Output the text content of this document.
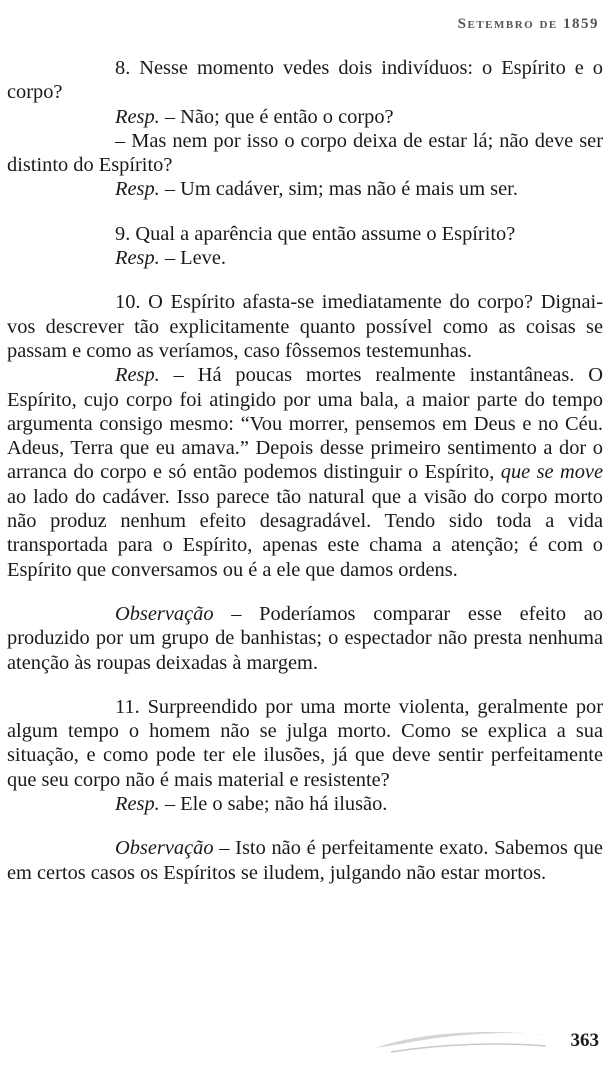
Setembro de 1859

8. Nesse momento vedes dois indivíduos: o Espírito e o corpo?

Resp. – Não; que é então o corpo?

– Mas nem por isso o corpo deixa de estar lá; não deve ser distinto do Espírito?

Resp. – Um cadáver, sim; mas não é mais um ser.

9. Qual a aparência que então assume o Espírito?

Resp. – Leve.

10. O Espírito afasta-se imediatamente do corpo? Dignai-vos descrever tão explicitamente quanto possível como as coisas se passam e como as veríamos, caso fôssemos testemunhas.

Resp. – Há poucas mortes realmente instantâneas. O Espírito, cujo corpo foi atingido por uma bala, a maior parte do tempo argumenta consigo mesmo: “Vou morrer, pensemos em Deus e no Céu. Adeus, Terra que eu amava.” Depois desse primeiro sentimento a dor o arranca do corpo e só então podemos distinguir o Espírito, que se move ao lado do cadáver. Isso parece tão natural que a visão do corpo morto não produz nenhum efeito desagradável. Tendo sido toda a vida transportada para o Espírito, apenas este chama a atenção; é com o Espírito que conversamos ou é a ele que damos ordens.

Observação – Poderíamos comparar esse efeito ao produzido por um grupo de banhistas; o espectador não presta nenhuma atenção às roupas deixadas à margem.

11. Surpreendido por uma morte violenta, geralmente por algum tempo o homem não se julga morto. Como se explica a sua situação, e como pode ter ele ilusões, já que deve sentir perfeitamente que seu corpo não é mais material e resistente?

Resp. – Ele o sabe; não há ilusão.

Observação – Isto não é perfeitamente exato. Sabemos que em certos casos os Espíritos se iludem, julgando não estar mortos.

363
